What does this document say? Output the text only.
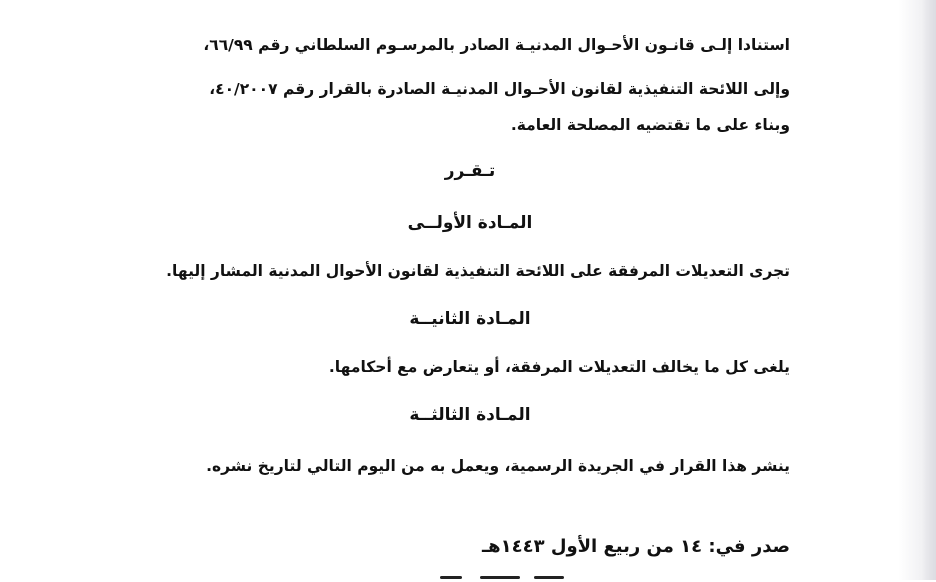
استنادا إلـى قانـون الأحـوال المدنيـة الصادر بالمرسـوم السلطاني رقم ٦٦/٩٩،
وإلى اللائحة التنفيذية لقانون الأحـوال المدنيـة الصادرة بالقرار رقم ٤٠/٢٠٠٧،
وبناء على ما تقتضيه المصلحة العامة.
تـقـرر
المـادة الأولــى
تجرى التعديلات المرفقة على اللائحة التنفيذية لقانون الأحوال المدنية المشار إليها.
المـادة الثانيــة
يلغى كل ما يخالف التعديلات المرفقة، أو يتعارض مع أحكامها.
المـادة الثالثــة
ينشر هذا القرار في الجريدة الرسمية، ويعمل به من اليوم التالي لتاريخ نشره.
صدر في: ١٤ من ربيع الأول ١٤٤٣هـ
